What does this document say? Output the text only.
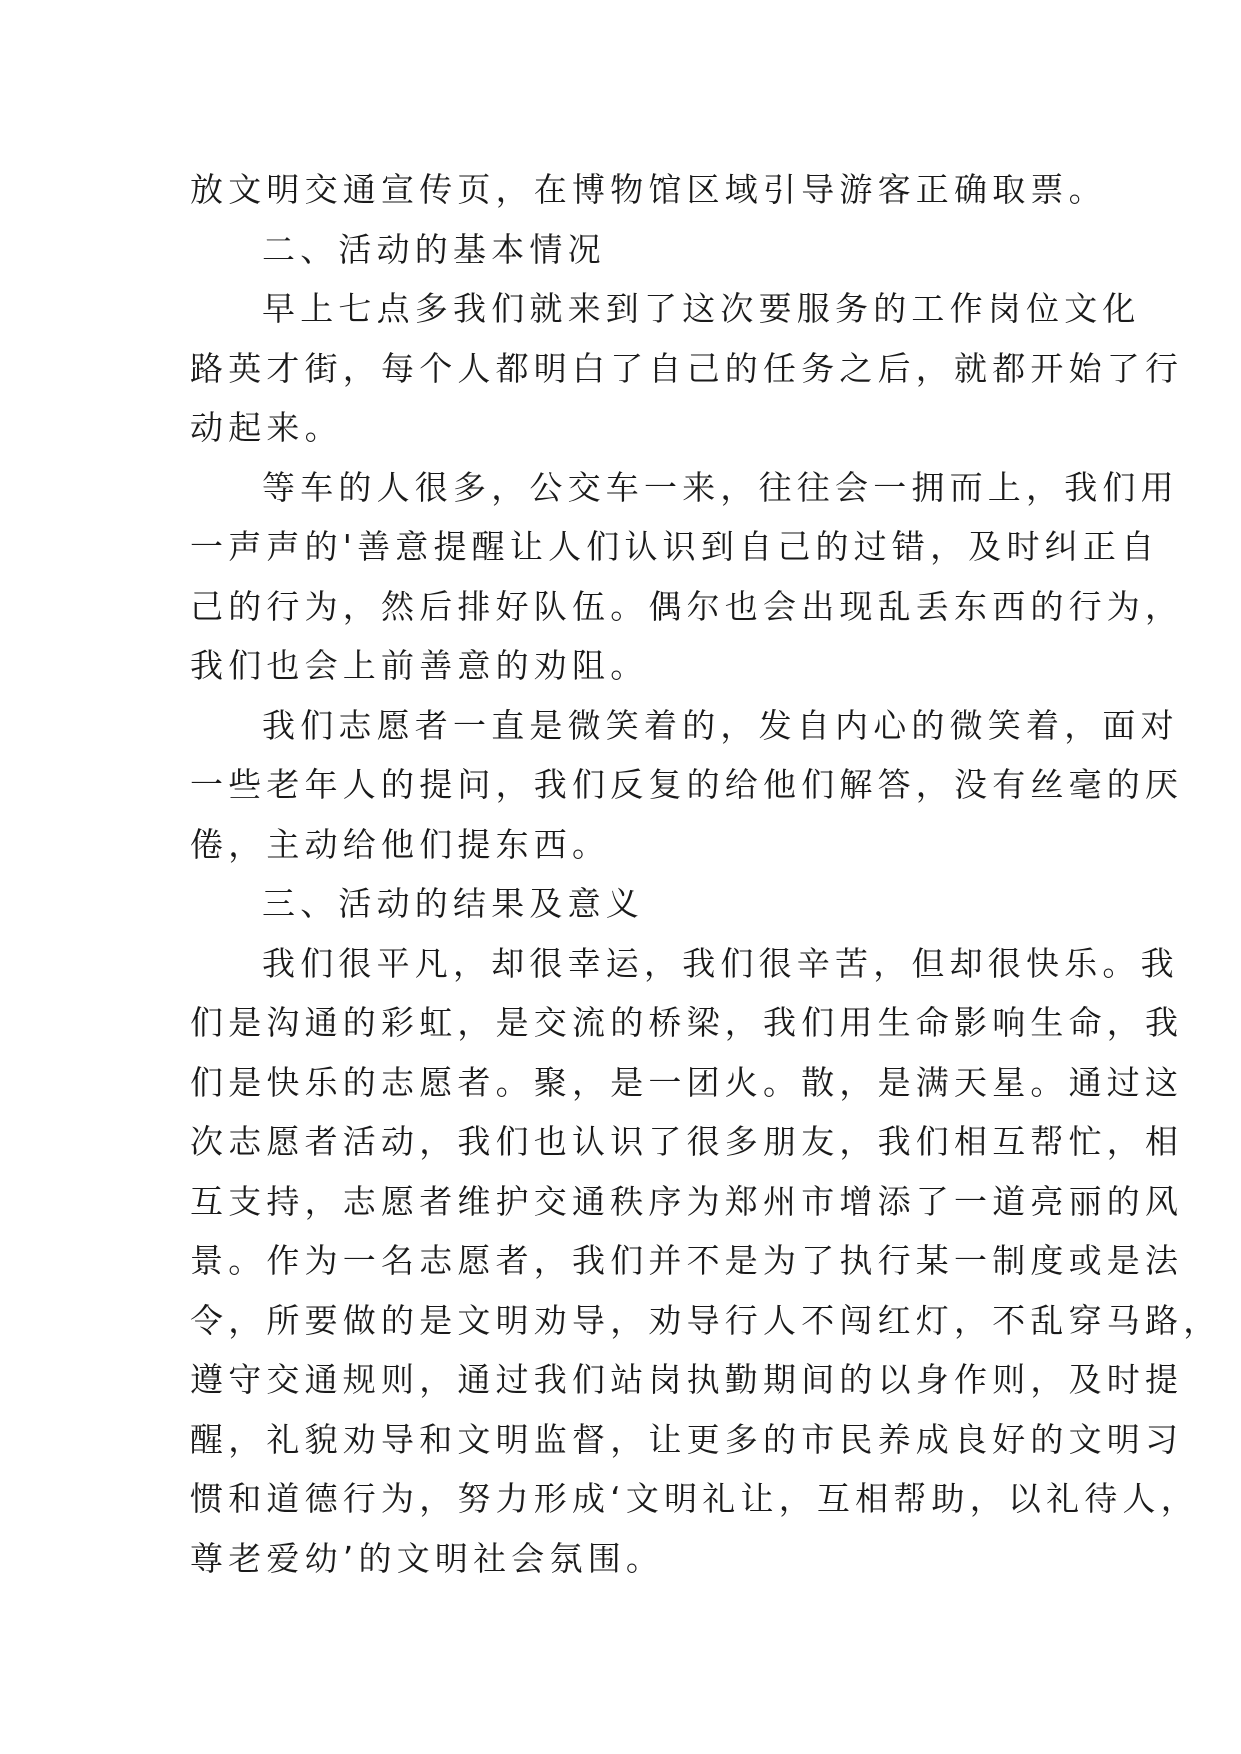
放文明交通宣传页，在博物馆区域引导游客正确取票。
二、活动的基本情况
早上七点多我们就来到了这次要服务的工作岗位文化
路英才街，每个人都明白了自己的任务之后，就都开始了行
动起来。
等车的人很多，公交车一来，往往会一拥而上，我们用
一声声的'善意提醒让人们认识到自己的过错，及时纠正自
己的行为，然后排好队伍。偶尔也会出现乱丢东西的行为，
我们也会上前善意的劝阻。
我们志愿者一直是微笑着的，发自内心的微笑着，面对
一些老年人的提问，我们反复的给他们解答，没有丝毫的厌
倦，主动给他们提东西。
三、活动的结果及意义
我们很平凡，却很幸运，我们很辛苦，但却很快乐。我
们是沟通的彩虹，是交流的桥梁，我们用生命影响生命，我
们是快乐的志愿者。聚，是一团火。散，是满天星。通过这
次志愿者活动，我们也认识了很多朋友，我们相互帮忙，相
互支持，志愿者维护交通秩序为郑州市增添了一道亮丽的风
景。作为一名志愿者，我们并不是为了执行某一制度或是法
令，所要做的是文明劝导，劝导行人不闯红灯，不乱穿马路，
遵守交通规则，通过我们站岗执勤期间的以身作则，及时提
醒，礼貌劝导和文明监督，让更多的市民养成良好的文明习
惯和道德行为，努力形成‘文明礼让，互相帮助，以礼待人，
尊老爱幼’的文明社会氛围。
